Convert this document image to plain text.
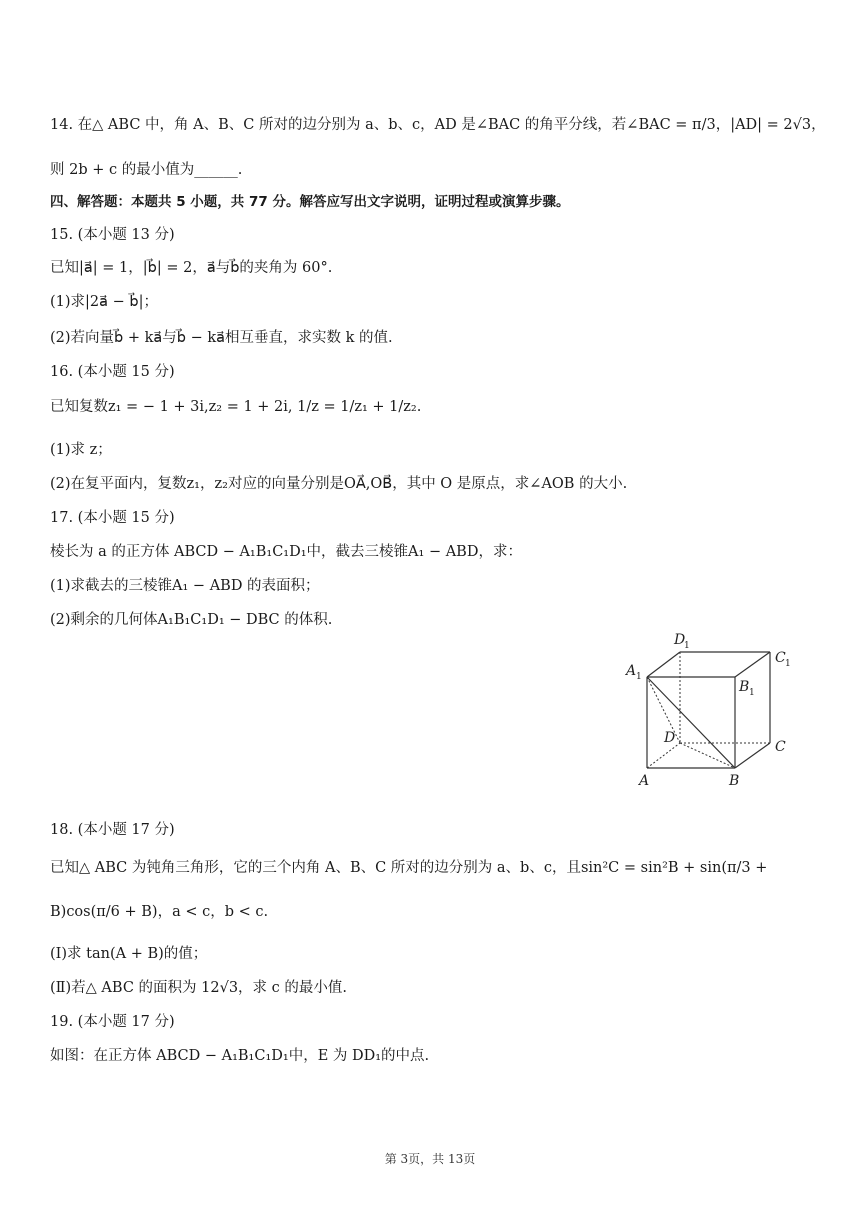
14. 在△ ABC 中，角 A、B、C 所对的边分别为 a、b、c，AD 是∠BAC 的角平分线，若∠BAC = π/3，|AD| = 2√3，
则 2b + c 的最小值为______.
四、解答题：本题共 5 小题，共 77 分。解答应写出文字说明，证明过程或演算步骤。
15. (本小题 13 分)
已知|a⃗| = 1，|b⃗| = 2，a⃗与b⃗的夹角为 60°.
(1)求|2a⃗ − b⃗|；
(2)若向量b⃗ + ka⃗与b⃗ − ka⃗相互垂直，求实数 k 的值.
16. (本小题 15 分)
已知复数z₁ = − 1 + 3i,z₂ = 1 + 2i, 1/z = 1/z₁ + 1/z₂.
(1)求 z；
(2)在复平面内，复数z₁，z₂对应的向量分别是OA⃗,OB⃗，其中 O 是原点，求∠AOB 的大小.
17. (本小题 15 分)
棱长为 a 的正方体 ABCD − A₁B₁C₁D₁中，截去三棱锥A₁ − ABD，求：
(1)求截去的三棱锥A₁ − ABD 的表面积；
(2)剩余的几何体A₁B₁C₁D₁ − DBC 的体积.
D
1
C 1
A 1
B 1
D
C
A	B
18. (本小题 17 分)
已知△ ABC 为钝角三角形，它的三个内角 A、B、C 所对的边分别为 a、b、c，且sin²C = sin²B + sin(π/3 +
B)cos(π/6 + B)，a < c，b < c.
(Ⅰ)求 tan(A + B)的值；
(Ⅱ)若△ ABC 的面积为 12√3，求 c 的最小值.
19. (本小题 17 分)
如图：在正方体 ABCD − A₁B₁C₁D₁中，E 为 DD₁的中点.
第 3页，共 13页
